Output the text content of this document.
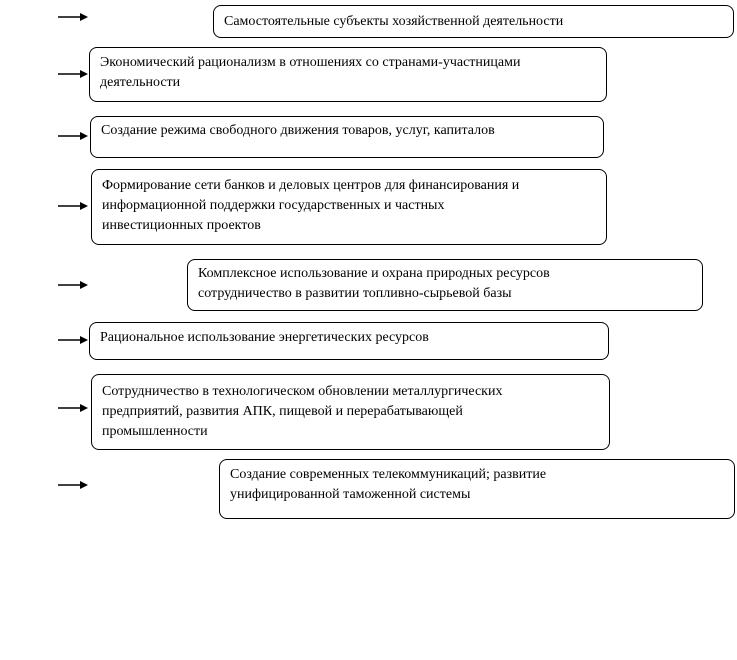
Самостоятельные субъекты хозяйственной деятельности
Экономический рационализм в отношениях со странами-участницами
деятельности
Создание режима свободного движения товаров, услуг, капиталов
Формирование сети банков и деловых центров для финансирования и
информационной поддержки государственных и частных
инвестиционных проектов
Комплексное использование и охрана природных ресурсов
сотрудничество в развитии топливно-сырьевой базы
Рациональное использование энергетических ресурсов
Сотрудничество в технологическом обновлении металлургических
предприятий, развития АПК, пищевой и перерабатывающей
промышленности
Создание современных телекоммуникаций; развитие
унифицированной таможенной системы
